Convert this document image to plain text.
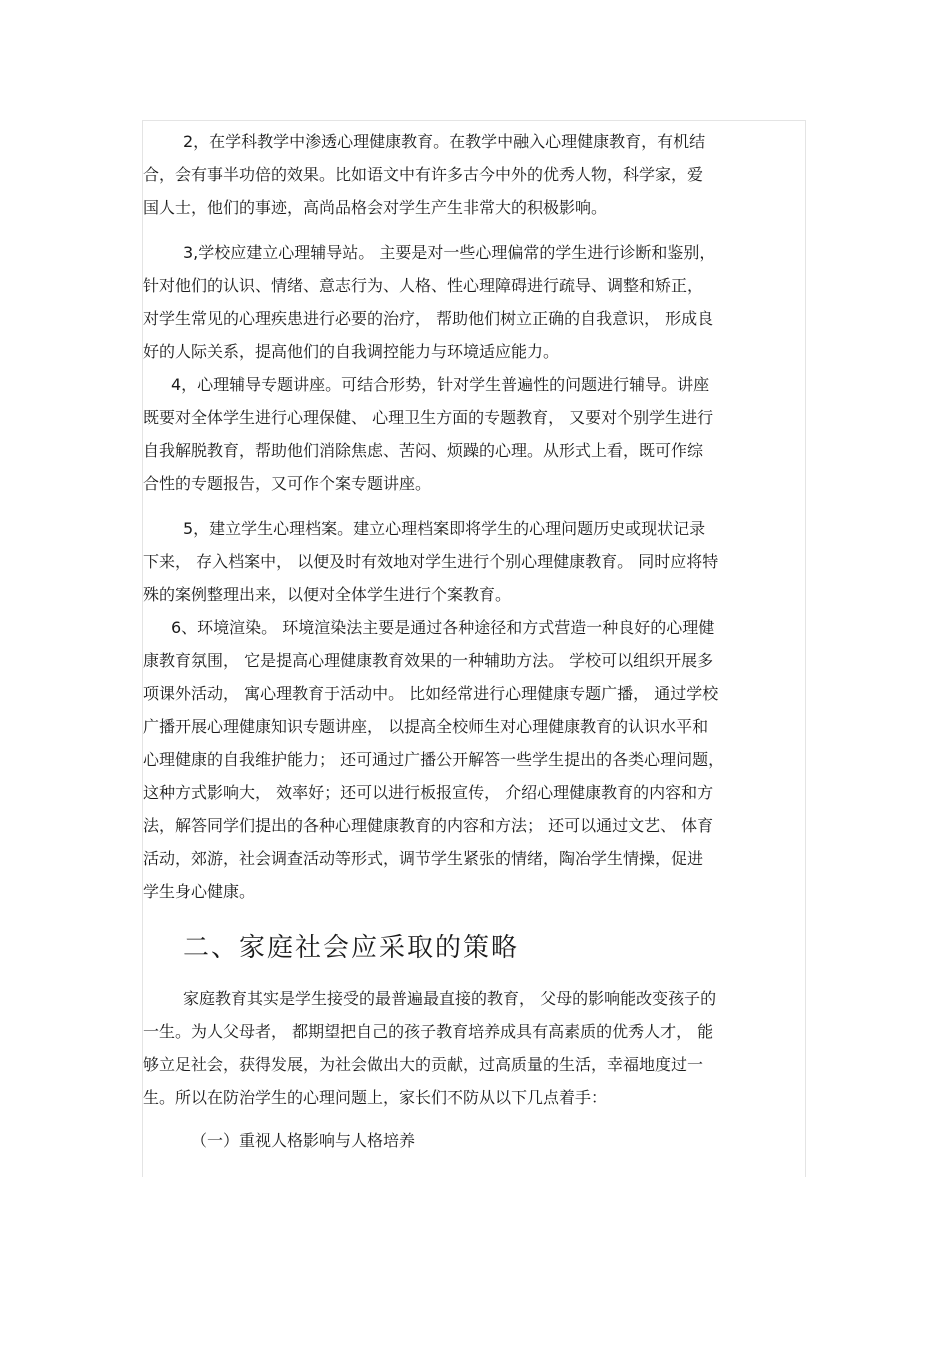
2，在学科教学中渗透心理健康教育。在教学中融入心理健康教育，有机结
合，会有事半功倍的效果。比如语文中有许多古今中外的优秀人物，科学家，爱
国人士，他们的事迹，高尚品格会对学生产生非常大的积极影响。
3,学校应建立心理辅导站。 主要是对一些心理偏常的学生进行诊断和鉴别，
针对他们的认识、情绪、意志行为、人格、性心理障碍进行疏导、调整和矫正，
对学生常见的心理疾患进行必要的治疗， 帮助他们树立正确的自我意识， 形成良
好的人际关系，提高他们的自我调控能力与环境适应能力。
4，心理辅导专题讲座。可结合形势，针对学生普遍性的问题进行辅导。讲座
既要对全体学生进行心理保健、 心理卫生方面的专题教育， 又要对个别学生进行
自我解脱教育，帮助他们消除焦虑、苦闷、烦躁的心理。从形式上看，既可作综
合性的专题报告，又可作个案专题讲座。
5，建立学生心理档案。建立心理档案即将学生的心理问题历史或现状记录
下来， 存入档案中， 以便及时有效地对学生进行个别心理健康教育。 同时应将特
殊的案例整理出来，以便对全体学生进行个案教育。
6、环境渲染。 环境渲染法主要是通过各种途径和方式营造一种良好的心理健
康教育氛围， 它是提高心理健康教育效果的一种辅助方法。 学校可以组织开展多
项课外活动， 寓心理教育于活动中。 比如经常进行心理健康专题广播， 通过学校
广播开展心理健康知识专题讲座， 以提高全校师生对心理健康教育的认识水平和
心理健康的自我维护能力； 还可通过广播公开解答一些学生提出的各类心理问题，
这种方式影响大， 效率好；还可以进行板报宣传， 介绍心理健康教育的内容和方
法，解答同学们提出的各种心理健康教育的内容和方法； 还可以通过文艺、 体育
活动，郊游，社会调查活动等形式，调节学生紧张的情绪，陶冶学生情操，促进
学生身心健康。
二、家庭社会应采取的策略
家庭教育其实是学生接受的最普遍最直接的教育， 父母的影响能改变孩子的
一生。为人父母者， 都期望把自己的孩子教育培养成具有高素质的优秀人才， 能
够立足社会，获得发展，为社会做出大的贡献，过高质量的生活，幸福地度过一
生。所以在防治学生的心理问题上，家长们不防从以下几点着手：
（一）重视人格影响与人格培养
